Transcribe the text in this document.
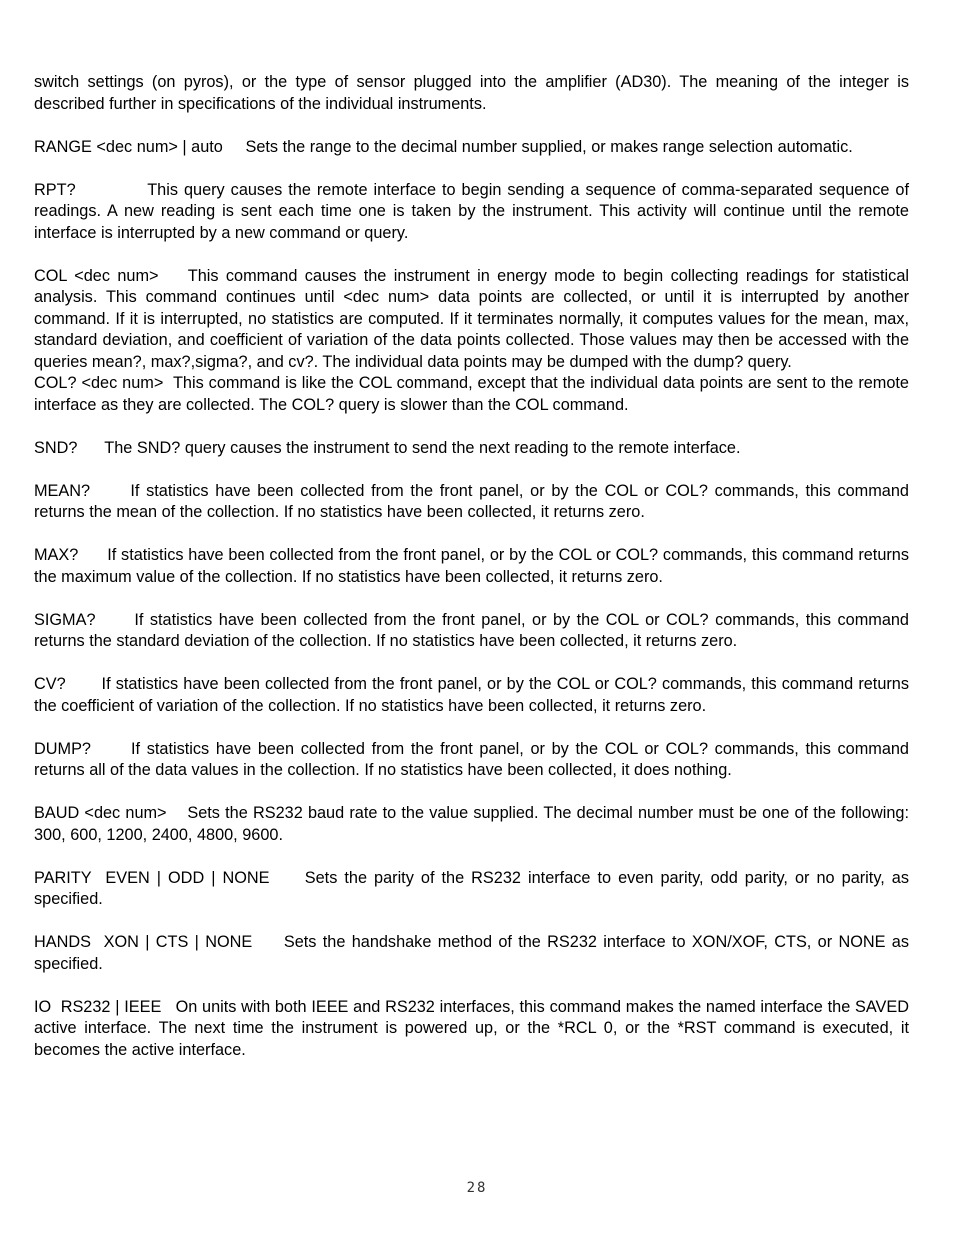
switch settings (on pyros), or the type of sensor plugged into the amplifier (AD30). The meaning of the integer is described further in specifications of the individual instruments.

RANGE <dec num> | auto     Sets the range to the decimal number supplied, or makes range selection automatic.

RPT?            This query causes the remote interface to begin sending a sequence of comma-separated sequence of readings. A new reading is sent each time one is taken by the instrument. This activity will continue until the remote interface is interrupted by a new command or query.

COL <dec num>    This command causes the instrument in energy mode to begin collecting readings for statistical analysis. This command continues until <dec num> data points are collected, or until it is interrupted by another command. If it is interrupted, no statistics are computed. If it terminates normally, it computes values for the mean, max, standard deviation, and coefficient of variation of the data points collected. Those values may then be accessed with the queries mean?, max?,sigma?, and cv?. The individual data points may be dumped with the dump? query.

COL? <dec num>  This command is like the COL command, except that the individual data points are sent to the remote interface as they are collected. The COL? query is slower than the COL command.

SND?      The SND? query causes the instrument to send the next reading to the remote interface.

MEAN?      If statistics have been collected from the front panel, or by the COL or COL? commands, this command returns the mean of the collection. If no statistics have been collected, it returns zero.

MAX?      If statistics have been collected from the front panel, or by the COL or COL? commands, this command returns the maximum value of the collection. If no statistics have been collected, it returns zero.

SIGMA?      If statistics have been collected from the front panel, or by the COL or COL? commands, this command returns the standard deviation of the collection. If no statistics have been collected, it returns zero.

CV?       If statistics have been collected from the front panel, or by the COL or COL? commands, this command returns the coefficient of variation of the collection. If no statistics have been collected, it returns zero.

DUMP?      If statistics have been collected from the front panel, or by the COL or COL? commands, this command returns all of the data values in the collection. If no statistics have been collected, it does nothing.

BAUD <dec num>    Sets the RS232 baud rate to the value supplied. The decimal number must be one of the following: 300, 600, 1200, 2400, 4800, 9600.

PARITY  EVEN | ODD | NONE     Sets the parity of the RS232 interface to even parity, odd parity, or no parity, as specified.

HANDS  XON | CTS | NONE     Sets the handshake method of the RS232 interface to XON/XOF, CTS, or NONE as specified.

IO  RS232 | IEEE   On units with both IEEE and RS232 interfaces, this command makes the named interface the SAVED active interface. The next time the instrument is powered up, or the *RCL 0, or the *RST command is executed, it becomes the active interface.

28
